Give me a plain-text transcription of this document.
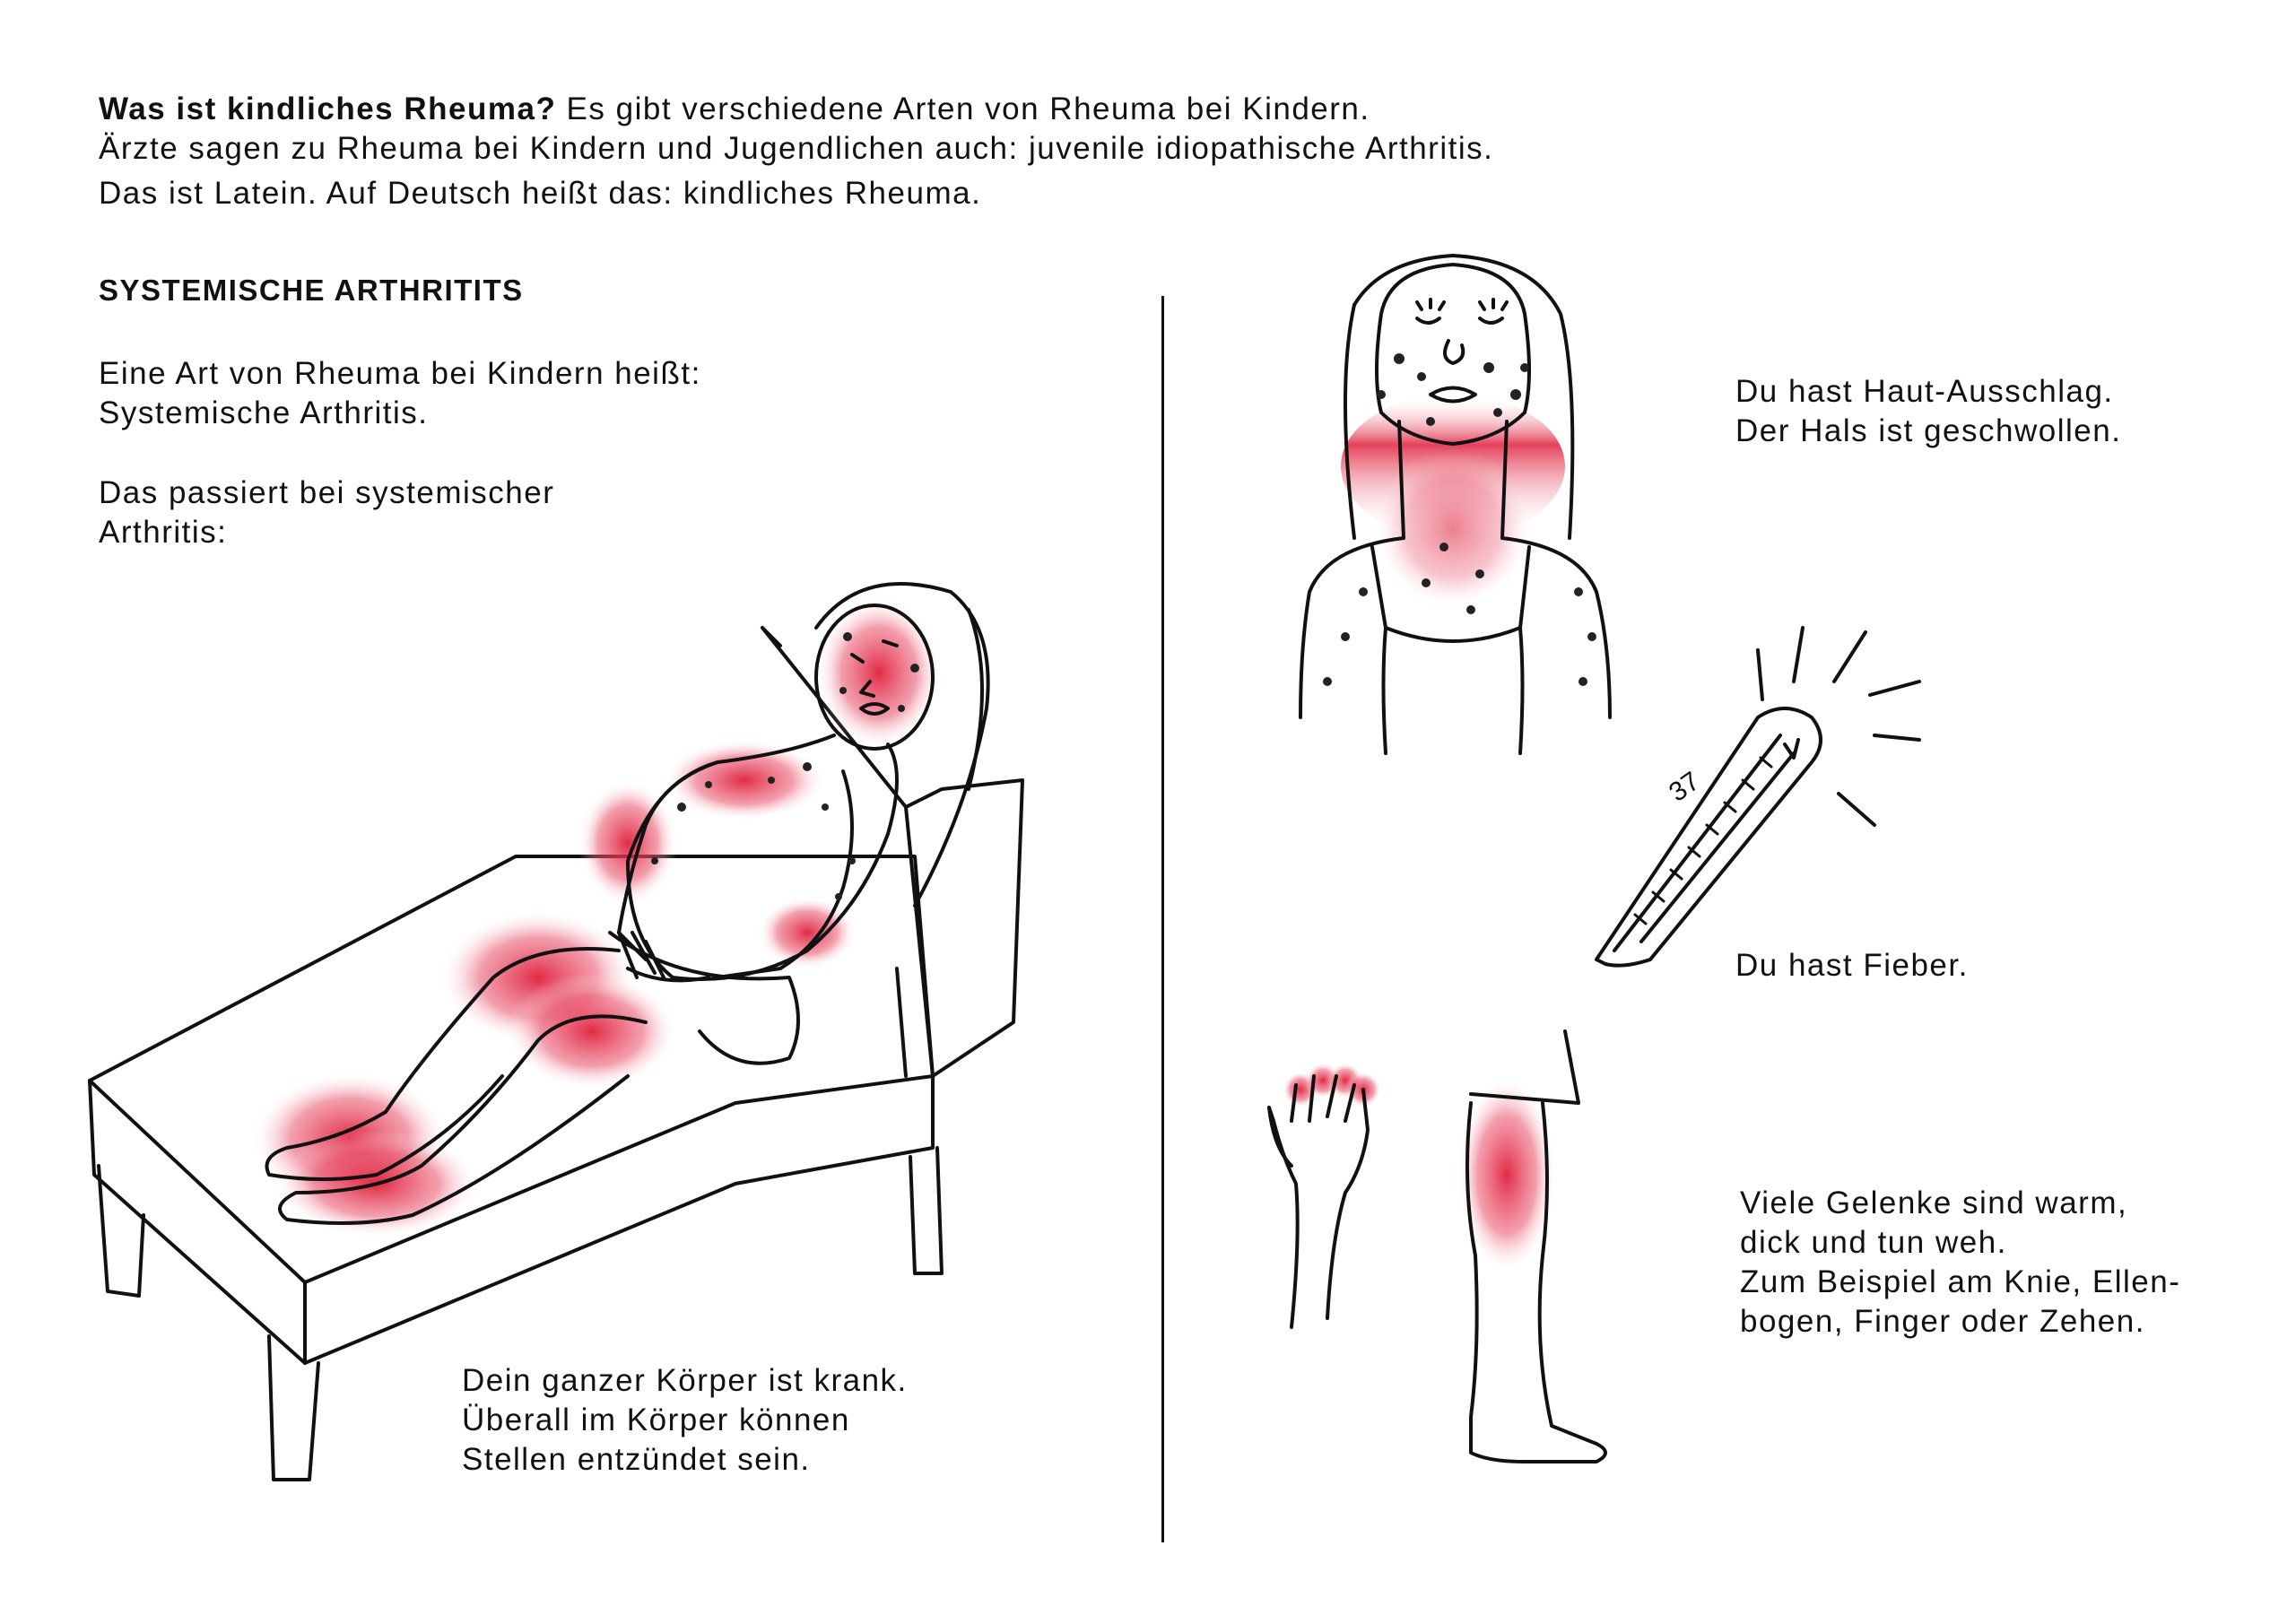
Was ist kindliches Rheuma? Es gibt verschiedene Arten von Rheuma bei Kindern.
Ärzte sagen zu Rheuma bei Kindern und Jugendlichen auch: juvenile idiopathische Arthritis.
Das ist Latein. Auf Deutsch heißt das: kindliches Rheuma.
SYSTEMISCHE ARTHRITITS
Eine Art von Rheuma bei Kindern heißt:
Systemische Arthritis.
Das passiert bei systemischer
Arthritis:
37
Dein ganzer Körper ist krank.
Überall im Körper können
Stellen entzündet sein.
Du hast Haut-Ausschlag.
Der Hals ist geschwollen.
Du hast Fieber.
Viele Gelenke sind warm,
dick und tun weh.
Zum Beispiel am Knie, Ellen-
bogen, Finger oder Zehen.
